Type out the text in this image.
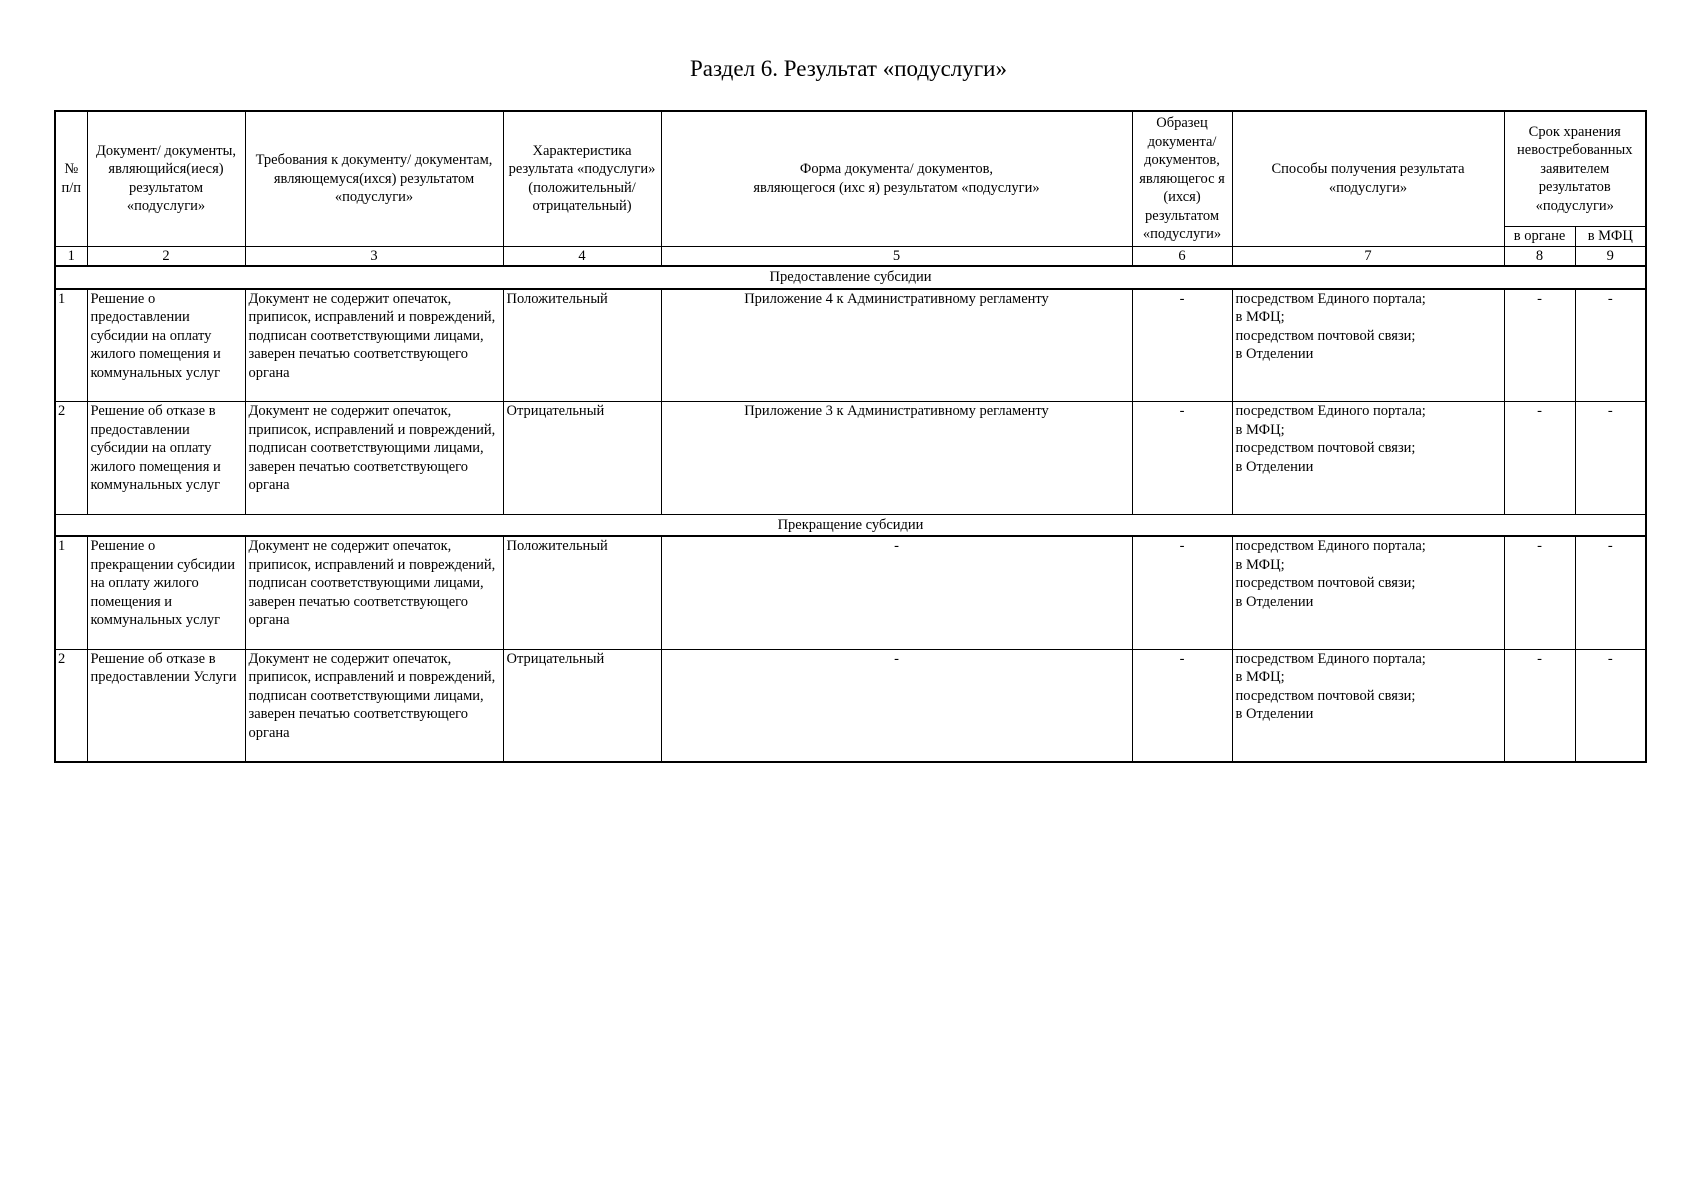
Раздел 6. Результат «подуслуги»
№ п/п	Документ/ документы, являющийся(иеся) результатом «подуслуги»	Требования к документу/ документам, являющемуся(ихся) результатом «подуслуги»	Характеристика результата «подуслуги» (положительный/ отрицательный)	Форма документа/ документов,
являющегося (ихс я) результатом «подуслуги»	Образец документа/ документов, являющегос я (ихся) результатом «подуслуги»	Способы получения результата «подуслуги»	Срок хранения невостребованных заявителем результатов «подуслуги»	
							в органе	в МФЦ
1	2	3	4	5	6	7	8	9
Предоставление субсидии								
1	Решение о предоставлении субсидии на оплату жилого помещения и коммунальных услуг	Документ не содержит опечаток, приписок, исправлений и повреждений, подписан соответствующими лицами, заверен печатью соответствующего органа	Положительный	Приложение 4 к Административному регламенту	-	посредством Единого портала;
в МФЦ;
посредством почтовой связи;
в Отделении	-	-
2	Решение об отказе в предоставлении субсидии на оплату жилого помещения и коммунальных услуг	Документ не содержит опечаток, приписок, исправлений и повреждений, подписан соответствующими лицами, заверен печатью соответствующего органа	Отрицательный	Приложение 3 к Административному регламенту	-	посредством Единого портала;
в МФЦ;
посредством почтовой связи;
в Отделении	-	-
Прекращение субсидии								
1	Решение о прекращении субсидии на оплату жилого помещения и коммунальных услуг	Документ не содержит опечаток, приписок, исправлений и повреждений, подписан соответствующими лицами, заверен печатью соответствующего органа	Положительный	-	-	посредством Единого портала;
в МФЦ;
посредством почтовой связи;
в Отделении	-	-
2	Решение об отказе в предоставлении Услуги	Документ не содержит опечаток, приписок, исправлений и повреждений, подписан соответствующими лицами, заверен печатью соответствующего органа	Отрицательный	-	-	посредством Единого портала;
в МФЦ;
посредством почтовой связи;
в Отделении	-	-
